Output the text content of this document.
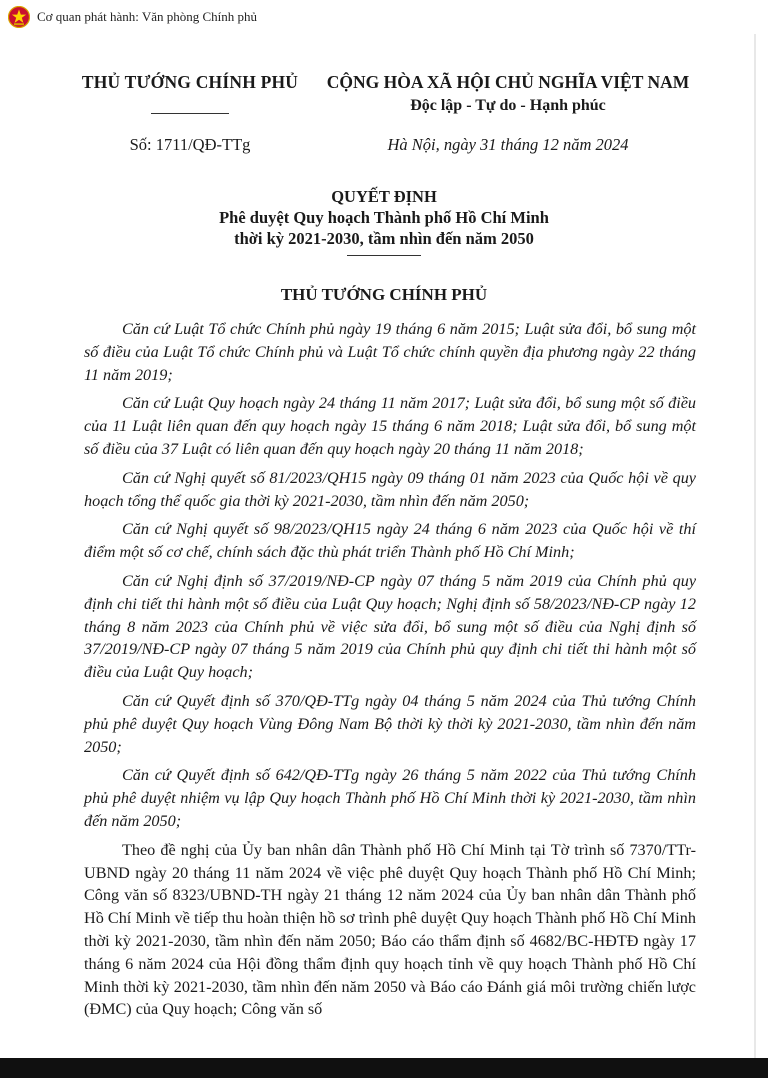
Cơ quan phát hành: Văn phòng Chính phủ
THỦ TƯỚNG CHÍNH PHỦ	CỘNG HÒA XÃ HỘI CHỦ NGHĨA VIỆT NAM
Độc lập - Tự do - Hạnh phúc
Số: 1711/QĐ-TTg	Hà Nội, ngày 31 tháng 12 năm 2024
QUYẾT ĐỊNH
Phê duyệt Quy hoạch Thành phố Hồ Chí Minh
thời kỳ 2021-2030, tầm nhìn đến năm 2050
THỦ TƯỚNG CHÍNH PHỦ

Căn cứ Luật Tổ chức Chính phủ ngày 19 tháng 6 năm 2015; Luật sửa đổi, bổ sung một số điều của Luật Tổ chức Chính phủ và Luật Tổ chức chính quyền địa phương ngày 22 tháng 11 năm 2019;

Căn cứ Luật Quy hoạch ngày 24 tháng 11 năm 2017; Luật sửa đổi, bổ sung một số điều của 11 Luật liên quan đến quy hoạch ngày 15 tháng 6 năm 2018; Luật sửa đổi, bổ sung một số điều của 37 Luật có liên quan đến quy hoạch ngày 20 tháng 11 năm 2018;

Căn cứ Nghị quyết số 81/2023/QH15 ngày 09 tháng 01 năm 2023 của Quốc hội về quy hoạch tổng thể quốc gia thời kỳ 2021-2030, tầm nhìn đến năm 2050;

Căn cứ Nghị quyết số 98/2023/QH15 ngày 24 tháng 6 năm 2023 của Quốc hội về thí điểm một số cơ chế, chính sách đặc thù phát triển Thành phố Hồ Chí Minh;

Căn cứ Nghị định số 37/2019/NĐ-CP ngày 07 tháng 5 năm 2019 của Chính phủ quy định chi tiết thi hành một số điều của Luật Quy hoạch; Nghị định số 58/2023/NĐ-CP ngày 12 tháng 8 năm 2023 của Chính phủ về việc sửa đổi, bổ sung một số điều của Nghị định số 37/2019/NĐ-CP ngày 07 tháng 5 năm 2019 của Chính phủ quy định chi tiết thi hành một số điều của Luật Quy hoạch;

Căn cứ Quyết định số 370/QĐ-TTg ngày 04 tháng 5 năm 2024 của Thủ tướng Chính phủ phê duyệt Quy hoạch Vùng Đông Nam Bộ thời kỳ thời kỳ 2021-2030, tầm nhìn đến năm 2050;

Căn cứ Quyết định số 642/QĐ-TTg ngày 26 tháng 5 năm 2022 của Thủ tướng Chính phủ phê duyệt nhiệm vụ lập Quy hoạch Thành phố Hồ Chí Minh thời kỳ 2021-2030, tầm nhìn đến năm 2050;

Theo đề nghị của Ủy ban nhân dân Thành phố Hồ Chí Minh tại Tờ trình số 7370/TTr-UBND ngày 20 tháng 11 năm 2024 về việc phê duyệt Quy hoạch Thành phố Hồ Chí Minh; Công văn số 8323/UBND-TH ngày 21 tháng 12 năm 2024 của Ủy ban nhân dân Thành phố Hồ Chí Minh về tiếp thu hoàn thiện hồ sơ trình phê duyệt Quy hoạch Thành phố Hồ Chí Minh thời kỳ 2021-2030, tầm nhìn đến năm 2050; Báo cáo thẩm định số 4682/BC-HĐTĐ ngày 17 tháng 6 năm 2024 của Hội đồng thẩm định quy hoạch tỉnh về quy hoạch Thành phố Hồ Chí Minh thời kỳ 2021-2030, tầm nhìn đến năm 2050 và Báo cáo Đánh giá môi trường chiến lược (ĐMC) của Quy hoạch; Công văn số
